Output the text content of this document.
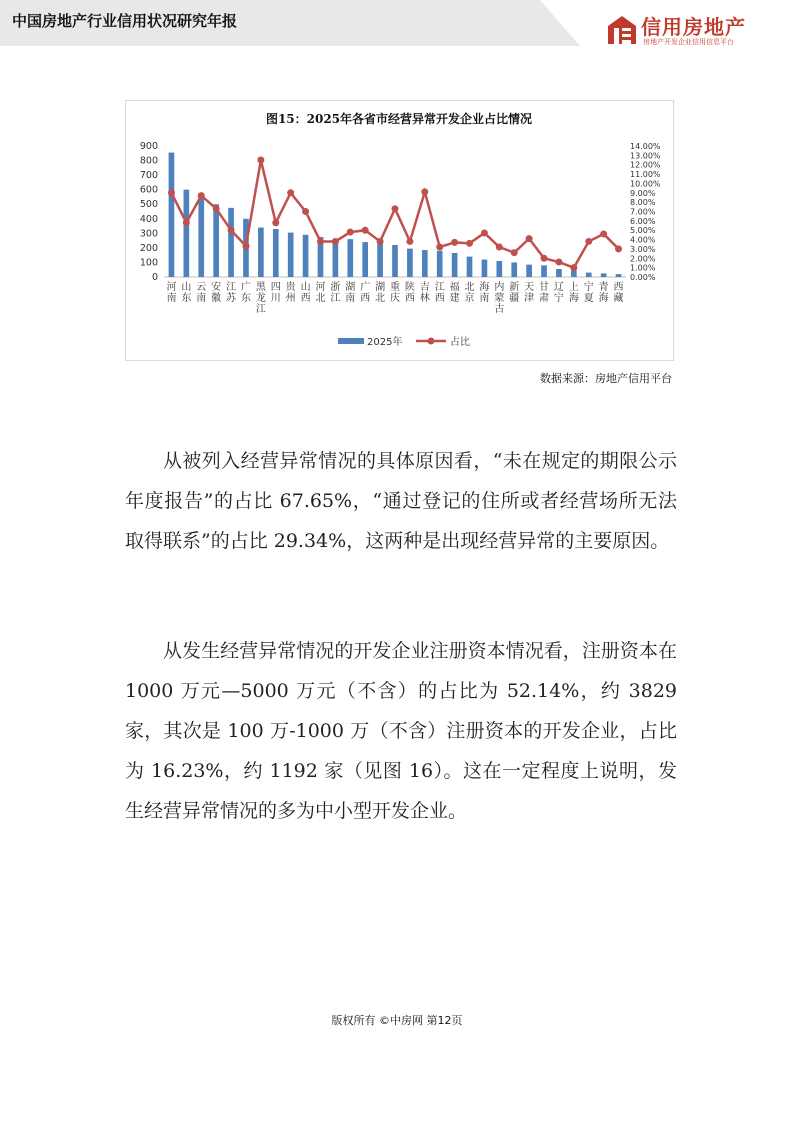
中国房地产行业信用状况研究年报	信用房地产
房地产开发企业信用信息平台
图15：2025年各省市经营异常开发企业占比情况
0
100
200
300
400
500
600
700
800
900
0.00%
1.00%
2.00%
3.00%
4.00%
5.00%
6.00%
7.00%
8.00%
9.00%
10.00%
11.00%
12.00%
13.00%
14.00%
河南
山东
云南
安徽
江苏
广东
黑龙江
四川
贵州
山西
河北
浙江
湖南
广西
湖北
重庆
陕西
吉林
江西
福建
北京
海南
内蒙古
新疆
天津
甘肃
辽宁
上海
宁夏
青海
西藏
2025年	占比
数据来源：房地产信用平台

从被列入经营异常情况的具体原因看，“未在规定的期限公示年度报告”的占比 67.65%，“通过登记的住所或者经营场所无法取得联系”的占比 29.34%，这两种是出现经营异常的主要原因。

从发生经营异常情况的开发企业注册资本情况看，注册资本在 1000 万元—5000 万元（不含）的占比为 52.14%，约 3829 家，其次是 100 万-1000 万（不含）注册资本的开发企业，占比为 16.23%，约 1192 家（见图 16）。这在一定程度上说明，发生经营异常情况的多为中小型开发企业。

版权所有 ©中房网 第12页
